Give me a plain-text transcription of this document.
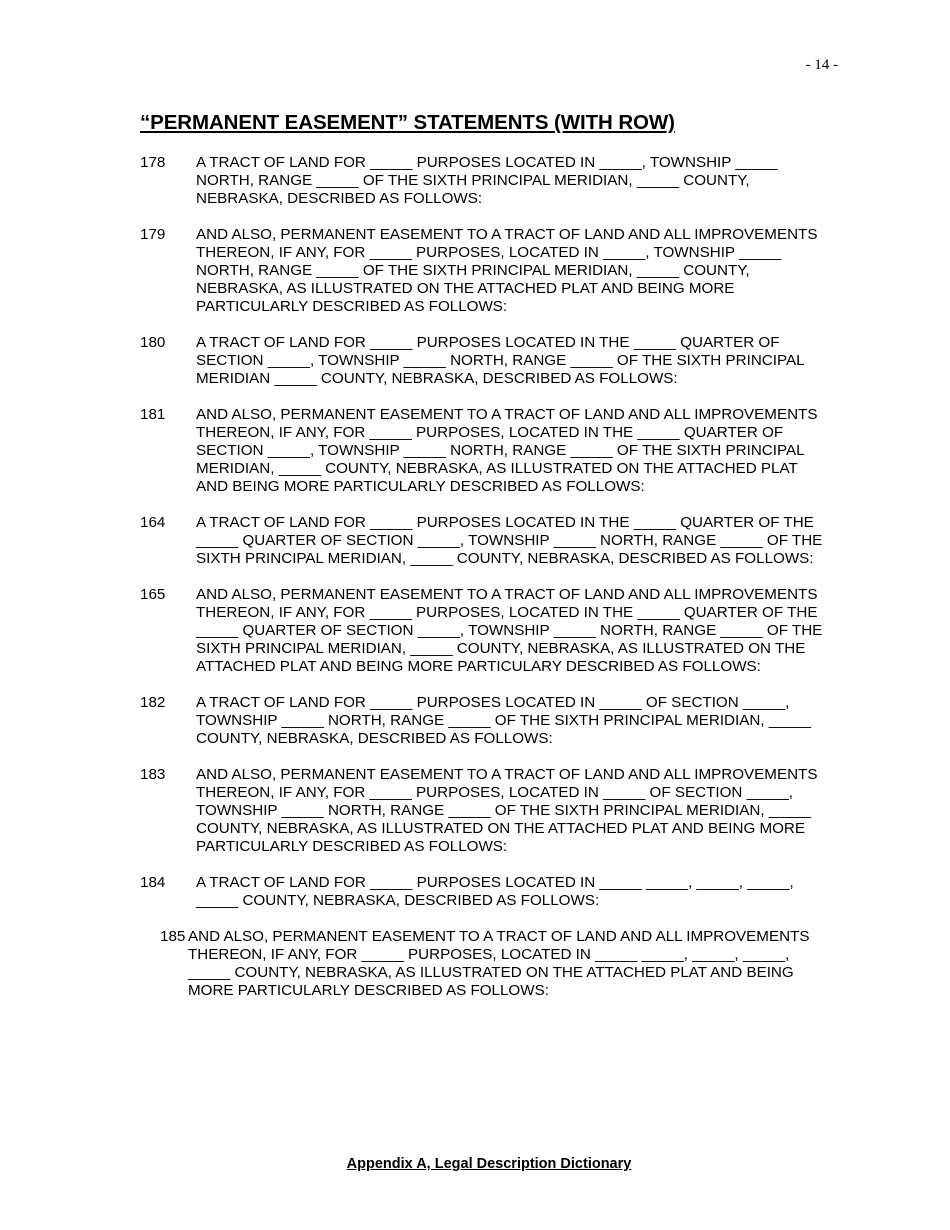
- 14 -
“PERMANENT EASEMENT” STATEMENTS (WITH ROW)
178 A TRACT OF LAND FOR _____ PURPOSES LOCATED IN _____, TOWNSHIP _____
NORTH, RANGE _____ OF THE SIXTH PRINCIPAL MERIDIAN, _____ COUNTY,
NEBRASKA, DESCRIBED AS FOLLOWS:
179 AND ALSO, PERMANENT EASEMENT TO A TRACT OF LAND AND ALL IMPROVEMENTS
THEREON, IF ANY, FOR _____ PURPOSES, LOCATED IN _____, TOWNSHIP _____
NORTH, RANGE _____ OF THE SIXTH PRINCIPAL MERIDIAN, _____ COUNTY,
NEBRASKA, AS ILLUSTRATED ON THE ATTACHED PLAT AND BEING MORE
PARTICULARLY DESCRIBED AS FOLLOWS:
180 A TRACT OF LAND FOR _____ PURPOSES LOCATED IN THE _____ QUARTER OF
SECTION _____, TOWNSHIP _____ NORTH, RANGE _____ OF THE SIXTH PRINCIPAL
MERIDIAN _____ COUNTY, NEBRASKA, DESCRIBED AS FOLLOWS:
181 AND ALSO, PERMANENT EASEMENT TO A TRACT OF LAND AND ALL IMPROVEMENTS
THEREON, IF ANY, FOR _____ PURPOSES, LOCATED IN THE _____ QUARTER OF
SECTION _____, TOWNSHIP _____ NORTH, RANGE _____ OF THE SIXTH PRINCIPAL
MERIDIAN, _____ COUNTY, NEBRASKA, AS ILLUSTRATED ON THE ATTACHED PLAT
AND BEING MORE PARTICULARLY DESCRIBED AS FOLLOWS:
164 A TRACT OF LAND FOR _____ PURPOSES LOCATED IN THE _____ QUARTER OF THE
_____ QUARTER OF SECTION _____, TOWNSHIP _____ NORTH, RANGE _____ OF THE
SIXTH PRINCIPAL MERIDIAN, _____ COUNTY, NEBRASKA, DESCRIBED AS FOLLOWS:
165 AND ALSO, PERMANENT EASEMENT TO A TRACT OF LAND AND ALL IMPROVEMENTS
THEREON, IF ANY, FOR _____ PURPOSES, LOCATED IN THE _____ QUARTER OF THE
_____ QUARTER OF SECTION _____, TOWNSHIP _____ NORTH, RANGE _____ OF THE
SIXTH PRINCIPAL MERIDIAN, _____ COUNTY, NEBRASKA, AS ILLUSTRATED ON THE
ATTACHED PLAT AND BEING MORE PARTICULARY DESCRIBED AS FOLLOWS:
182 A TRACT OF LAND FOR _____ PURPOSES LOCATED IN _____ OF SECTION _____,
TOWNSHIP _____ NORTH, RANGE _____ OF THE SIXTH PRINCIPAL MERIDIAN, _____
COUNTY, NEBRASKA, DESCRIBED AS FOLLOWS:
183 AND ALSO, PERMANENT EASEMENT TO A TRACT OF LAND AND ALL IMPROVEMENTS
THEREON, IF ANY, FOR _____ PURPOSES, LOCATED IN _____ OF SECTION _____,
TOWNSHIP _____ NORTH, RANGE _____ OF THE SIXTH PRINCIPAL MERIDIAN, _____
COUNTY, NEBRASKA, AS ILLUSTRATED ON THE ATTACHED PLAT AND BEING MORE
PARTICULARLY DESCRIBED AS FOLLOWS:
184 A TRACT OF LAND FOR _____ PURPOSES LOCATED IN _____ _____, _____, _____,
_____ COUNTY, NEBRASKA, DESCRIBED AS FOLLOWS:
185 AND ALSO, PERMANENT EASEMENT TO A TRACT OF LAND AND ALL IMPROVEMENTS
THEREON, IF ANY, FOR _____ PURPOSES, LOCATED IN _____ _____, _____, _____,
_____ COUNTY, NEBRASKA, AS ILLUSTRATED ON THE ATTACHED PLAT AND BEING
MORE PARTICULARLY DESCRIBED AS FOLLOWS:
Appendix A, Legal Description Dictionary
